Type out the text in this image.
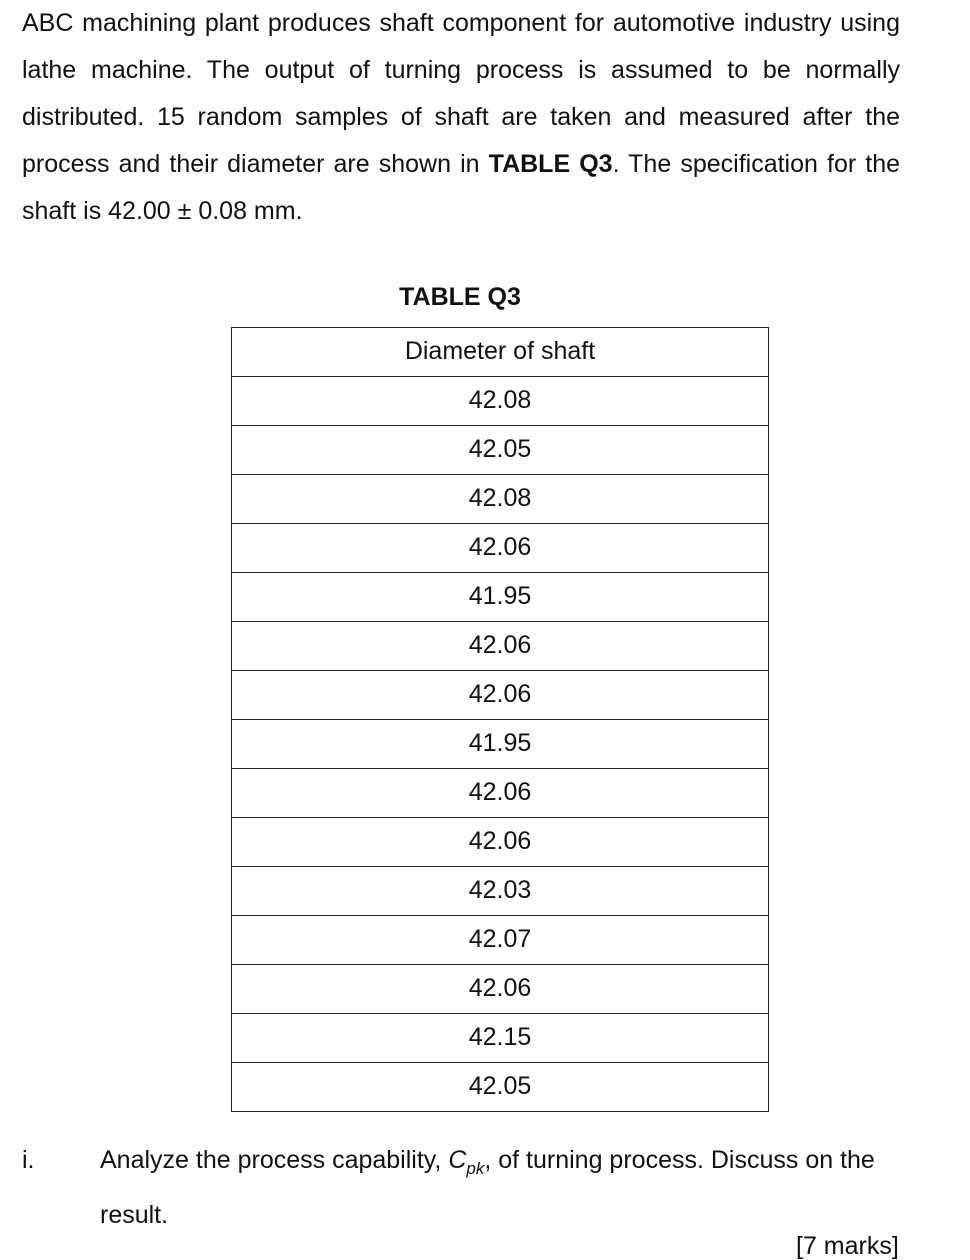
ABC machining plant produces shaft component for automotive industry using lathe machine. The output of turning process is assumed to be normally distributed. 15 random samples of shaft are taken and measured after the process and their diameter are shown in TABLE Q3. The specification for the shaft is 42.00 ± 0.08 mm.

TABLE Q3
Diameter of shaft
42.08
42.05
42.08
42.06
41.95
42.06
42.06
41.95
42.06
42.06
42.03
42.07
42.06
42.15
42.05
i.	Analyze the process capability, $C_{pk}$, of turning process. Discuss on the result.
[7 marks]
